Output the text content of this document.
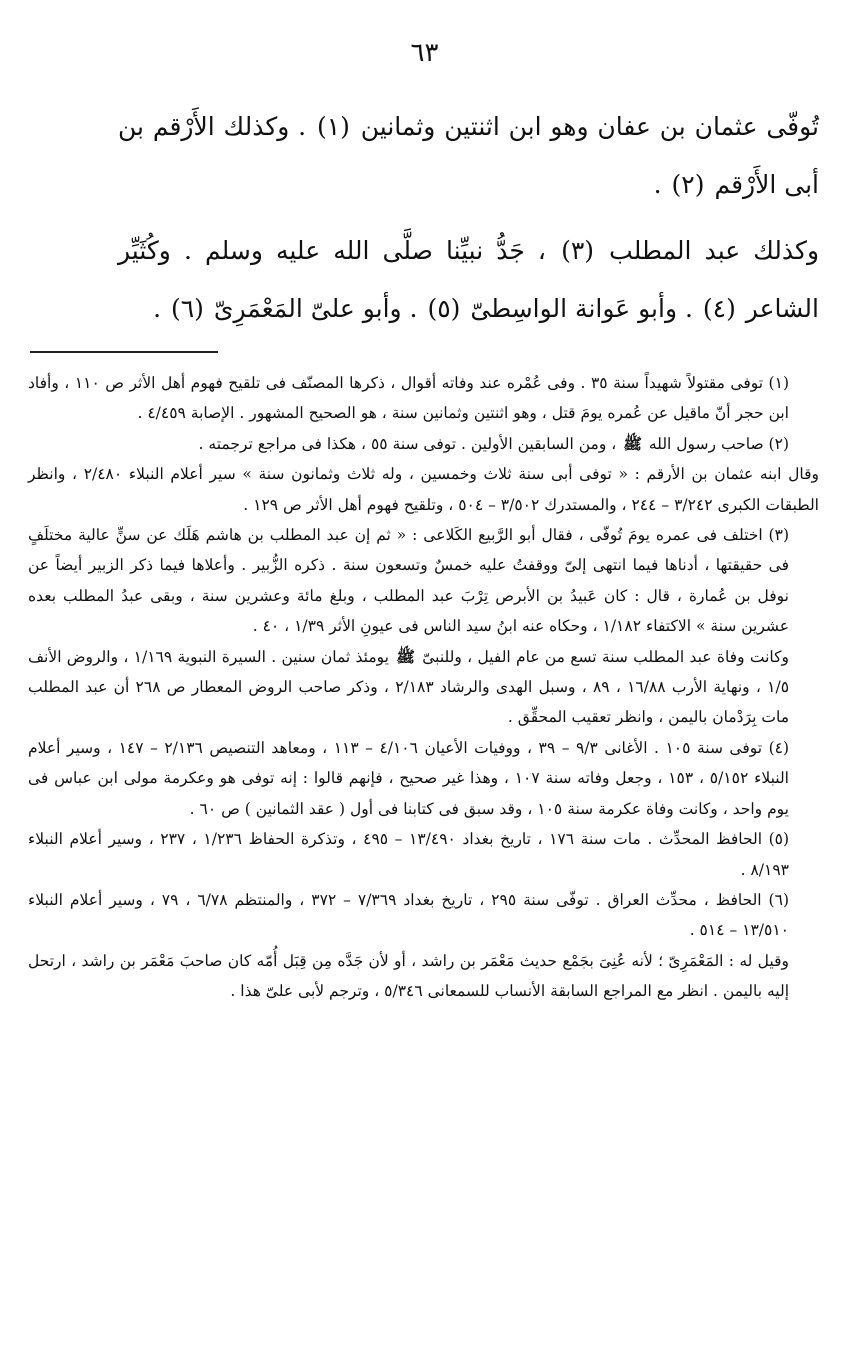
٦٣

تُوفّى عثمان بن عفان وهو ابن اثنتين وثمانين (١) . وكذلك الأَرْقم بن أبى الأَرْقم (٢) .

وكذلك عبد المطلب (٣) ، جَدُّ نبيِّنا صلَّى الله عليه وسلم . وكُثَيِّر الشاعر (٤) . وأبو عَوانة الواسِطىّ (٥) . وأبو علىّ المَعْمَرِىّ (٦) .

(١) توفى مقتولاً شهيداً سنة ٣٥ . وفى عُمْره عند وفاته أقوال ، ذكرها المصنّف فى تلقيح فهوم أهل الأثر ص ١١٠ ، وأفاد ابن حجر أنّ ماقيل عن عُمره يومَ قتل ، وهو اثنتين وثمانين سنة ، هو الصحيح المشهور . الإصابة ٤/٤٥٩ .

(٢) صاحب رسول الله ﷺ ، ومن السابقين الأولين . توفى سنة ٥٥ ، هكذا فى مراجع ترجمته .

وقال ابنه عثمان بن الأرقم : « توفى أبى سنة ثلاث وخمسين ، وله ثلاث وثمانون سنة » سير أعلام النبلاء ٢/٤٨٠ ، وانظر الطبقات الكبرى ٣/٢٤٢ – ٢٤٤ ، والمستدرك ٣/٥٠٢ – ٥٠٤ ، وتلقيح فهوم أهل الأثر ص ١٢٩ .

(٣) اختلف فى عمره يومَ تُوفّى ، فقال أبو الرَّبيع الكَلاعى : « ثم إن عبد المطلب بن هاشم هَلَك عن سنٍّ عالية مختلَفٍ فى حقيقتها ، أدناها فيما انتهى إلىّ ووقفتُ عليه خمسٌ وتسعون سنة . ذكره الزُّبير . وأعلاها فيما ذكر الزبير أيضاً عن نوفل بن عُمارة ، قال : كان عَبيدُ بن الأبرص تِرْبَ عبد المطلب ، وبلغ مائة وعشرين سنة ، وبقى عبدُ المطلب بعده عشرين سنة » الاكتفاء ١/١٨٢ ، وحكاه عنه ابنُ سيد الناس فى عيونِ الأثر ١/٣٩ ، ٤٠ .

وكانت وفاة عبد المطلب سنة تسع من عام الفيل ، وللنبىّ ﷺ يومئذ ثمان سنين . السيرة النبوية ١/١٦٩ ، والروض الأنف ١/٥ ، ونهاية الأرب ١٦/٨٨ ، ٨٩ ، وسبل الهدى والرشاد ٢/١٨٣ ، وذكر صاحب الروض المعطار ص ٢٦٨ أن عبد المطلب مات بِرَدْمان باليمن ، وانظر تعقيب المحقِّق .

(٤) توفى سنة ١٠٥ . الأغانى ٩/٣ – ٣٩ ، ووفيات الأعيان ٤/١٠٦ – ١١٣ ، ومعاهد التنصيص ٢/١٣٦ – ١٤٧ ، وسير أعلام النبلاء ٥/١٥٢ ، ١٥٣ ، وجعل وفاته سنة ١٠٧ ، وهذا غير صحيح ، فإنهم قالوا : إنه توفى هو وعكرمة مولى ابن عباس فى يوم واحد ، وكانت وفاة عكرمة سنة ١٠٥ ، وقد سبق فى كتابنا فى أول ( عقد الثمانين ) ص ٦٠ .

(٥) الحافظ المحدِّث . مات سنة ١٧٦ ، تاريخ بغداد ١٣/٤٩٠ – ٤٩٥ ، وتذكرة الحفاظ ١/٢٣٦ ، ٢٣٧ ، وسير أعلام النبلاء ٨/١٩٣ .

(٦) الحافظ ، محدِّث العراق . توفّى سنة ٢٩٥ ، تاريخ بغداد ٧/٣٦٩ – ٣٧٢ ، والمنتظم ٦/٧٨ ، ٧٩ ، وسير أعلام النبلاء ١٣/٥١٠ – ٥١٤ .

وقيل له : المَعْمَرِىّ ؛ لأنه عُنِىَ بجَمْع حديث مَعْمَر بن راشد ، أو لأن جَدَّه مِن قِبَل أُمّه كان صاحبَ مَعْمَر بن راشد ، ارتحل إليه باليمن . انظر مع المراجع السابقة الأنساب للسمعانى ٥/٣٤٦ ، وترجم لأبى علىّ هذا .
